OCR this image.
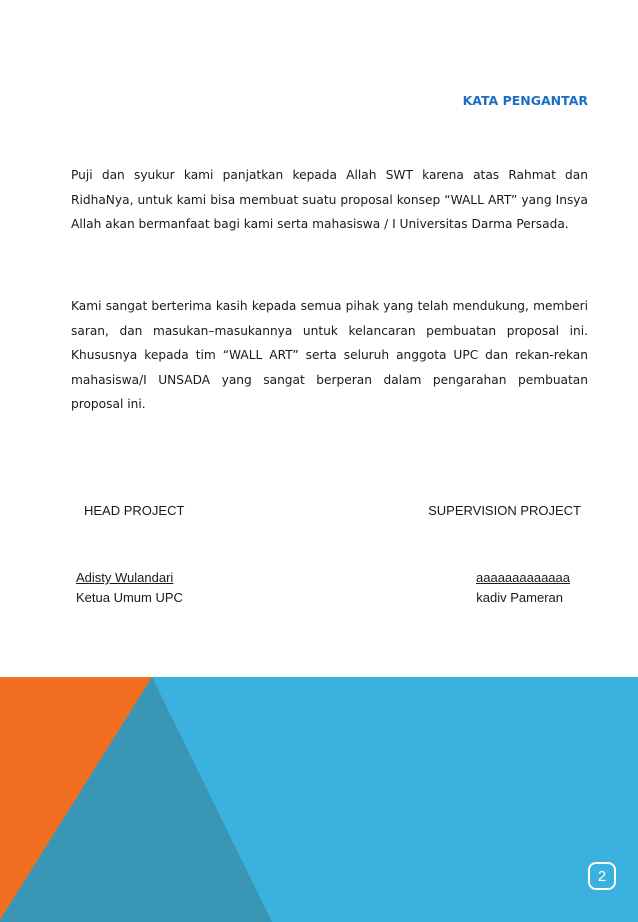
KATA PENGANTAR

Puji dan syukur kami panjatkan kepada Allah SWT karena atas Rahmat dan RidhaNya, untuk kami bisa membuat suatu proposal konsep “WALL ART” yang Insya Allah akan bermanfaat bagi kami serta mahasiswa / I Universitas Darma Persada.

Kami sangat berterima kasih kepada semua pihak yang telah mendukung, memberi saran, dan masukan–masukannya untuk kelancaran pembuatan proposal ini. Khususnya kepada tim “WALL ART” serta seluruh anggota UPC dan rekan-rekan mahasiswa/I UNSADA yang sangat berperan dalam pengarahan pembuatan proposal ini.

HEAD PROJECT	SUPERVISION PROJECT
Adisty Wulandari
Ketua Umum UPC
aaaaaaaaaaaaa
kadiv Pameran
2
